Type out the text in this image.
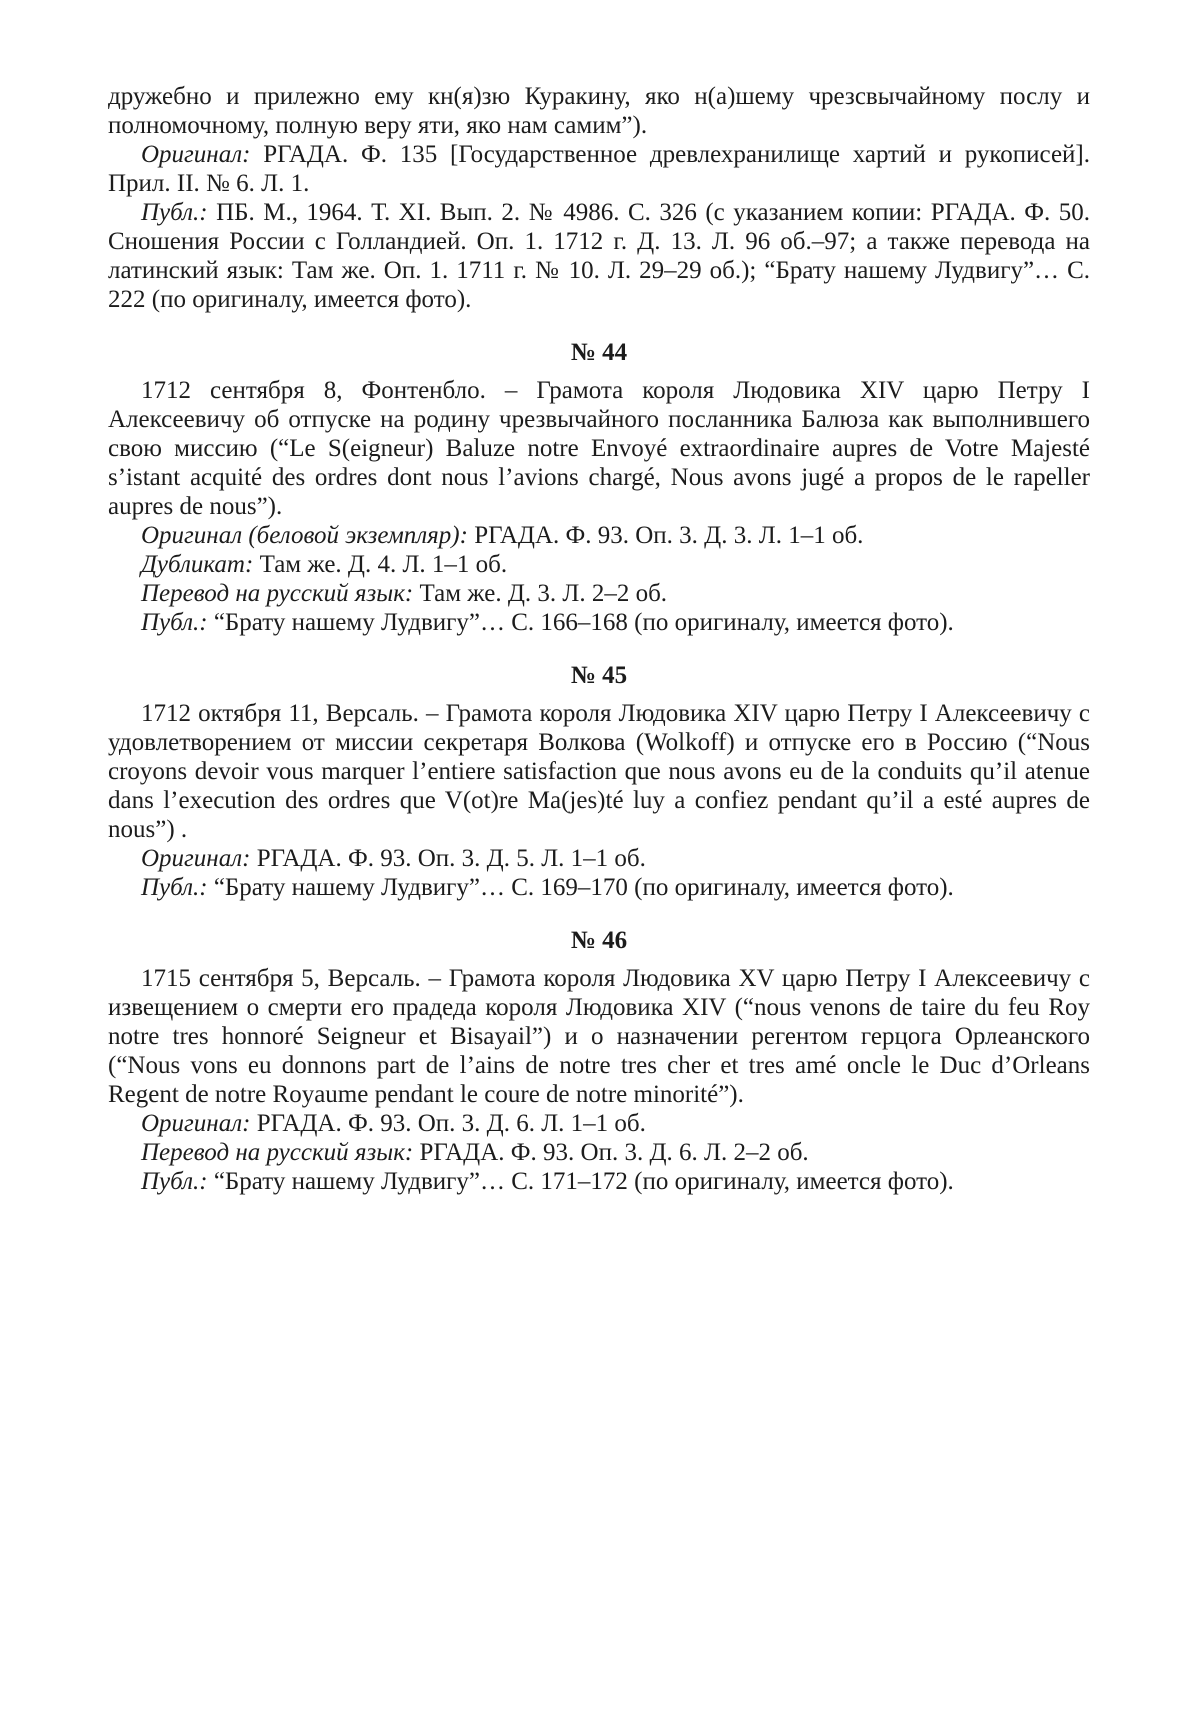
дружебно и прилежно ему кн(я)зю Куракину, яко н(а)шему чрезсвычайному послу и полномочному, полную веру яти, яко нам самим”).

Оригинал: РГАДА. Ф. 135 [Государственное древлехранилище хартий и рукописей]. Прил. II. № 6. Л. 1.

Публ.: ПБ. М., 1964. Т. XI. Вып. 2. № 4986. С. 326 (с указанием копии: РГАДА. Ф. 50. Сношения России с Голландией. Оп. 1. 1712 г. Д. 13. Л. 96 об.–97; а также перевода на латинский язык: Там же. Оп. 1. 1711 г. № 10. Л. 29–29 об.); “Брату нашему Лудвигу”… С. 222 (по оригиналу, имеется фото).

№ 44

1712 сентября 8, Фонтенбло. – Грамота короля Людовика XIV царю Петру I Алексеевичу об отпуске на родину чрезвычайного посланника Балюза как выполнившего свою миссию (“Le S(eigneur) Baluze notre Envoyé extraordinaire aupres de Votre Majesté s’istant acquité des ordres dont nous l’avions chargé, Nous avons jugé a propos de le rapeller aupres de nous”).

Оригинал (беловой экземпляр): РГАДА. Ф. 93. Оп. 3. Д. 3. Л. 1–1 об.

Дубликат: Там же. Д. 4. Л. 1–1 об.

Перевод на русский язык: Там же. Д. 3. Л. 2–2 об.

Публ.: “Брату нашему Лудвигу”… С. 166–168 (по оригиналу, имеется фото).

№ 45

1712 октября 11, Версаль. – Грамота короля Людовика XIV царю Петру I Алексеевичу с удовлетворением от миссии секретаря Волкова (Wolkoff) и отпуске его в Россию (“Nous croyons devoir vous marquer l’entiere satisfaction que nous avons eu de la conduits qu’il atenue dans l’execution des ordres que V(ot)re Ma(jes)té luy a confiez pendant qu’il a esté aupres de nous”) .

Оригинал: РГАДА. Ф. 93. Оп. 3. Д. 5. Л. 1–1 об.

Публ.: “Брату нашему Лудвигу”… С. 169–170 (по оригиналу, имеется фото).

№ 46

1715 сентября 5, Версаль. – Грамота короля Людовика XV царю Петру I Алексеевичу с извещением о смерти его прадеда короля Людовика XIV (“nous venons de taire du feu Roy notre tres honnoré Seigneur et Bisayail”) и о назначении регентом герцога Орлеанского (“Nous vons eu donnons part de l’ains de notre tres cher et tres amé oncle le Duc d’Orleans Regent de notre Royaume pendant le coure de notre minorité”).

Оригинал: РГАДА. Ф. 93. Оп. 3. Д. 6. Л. 1–1 об.

Перевод на русский язык: РГАДА. Ф. 93. Оп. 3. Д. 6. Л. 2–2 об.

Публ.: “Брату нашему Лудвигу”… С. 171–172 (по оригиналу, имеется фото).
